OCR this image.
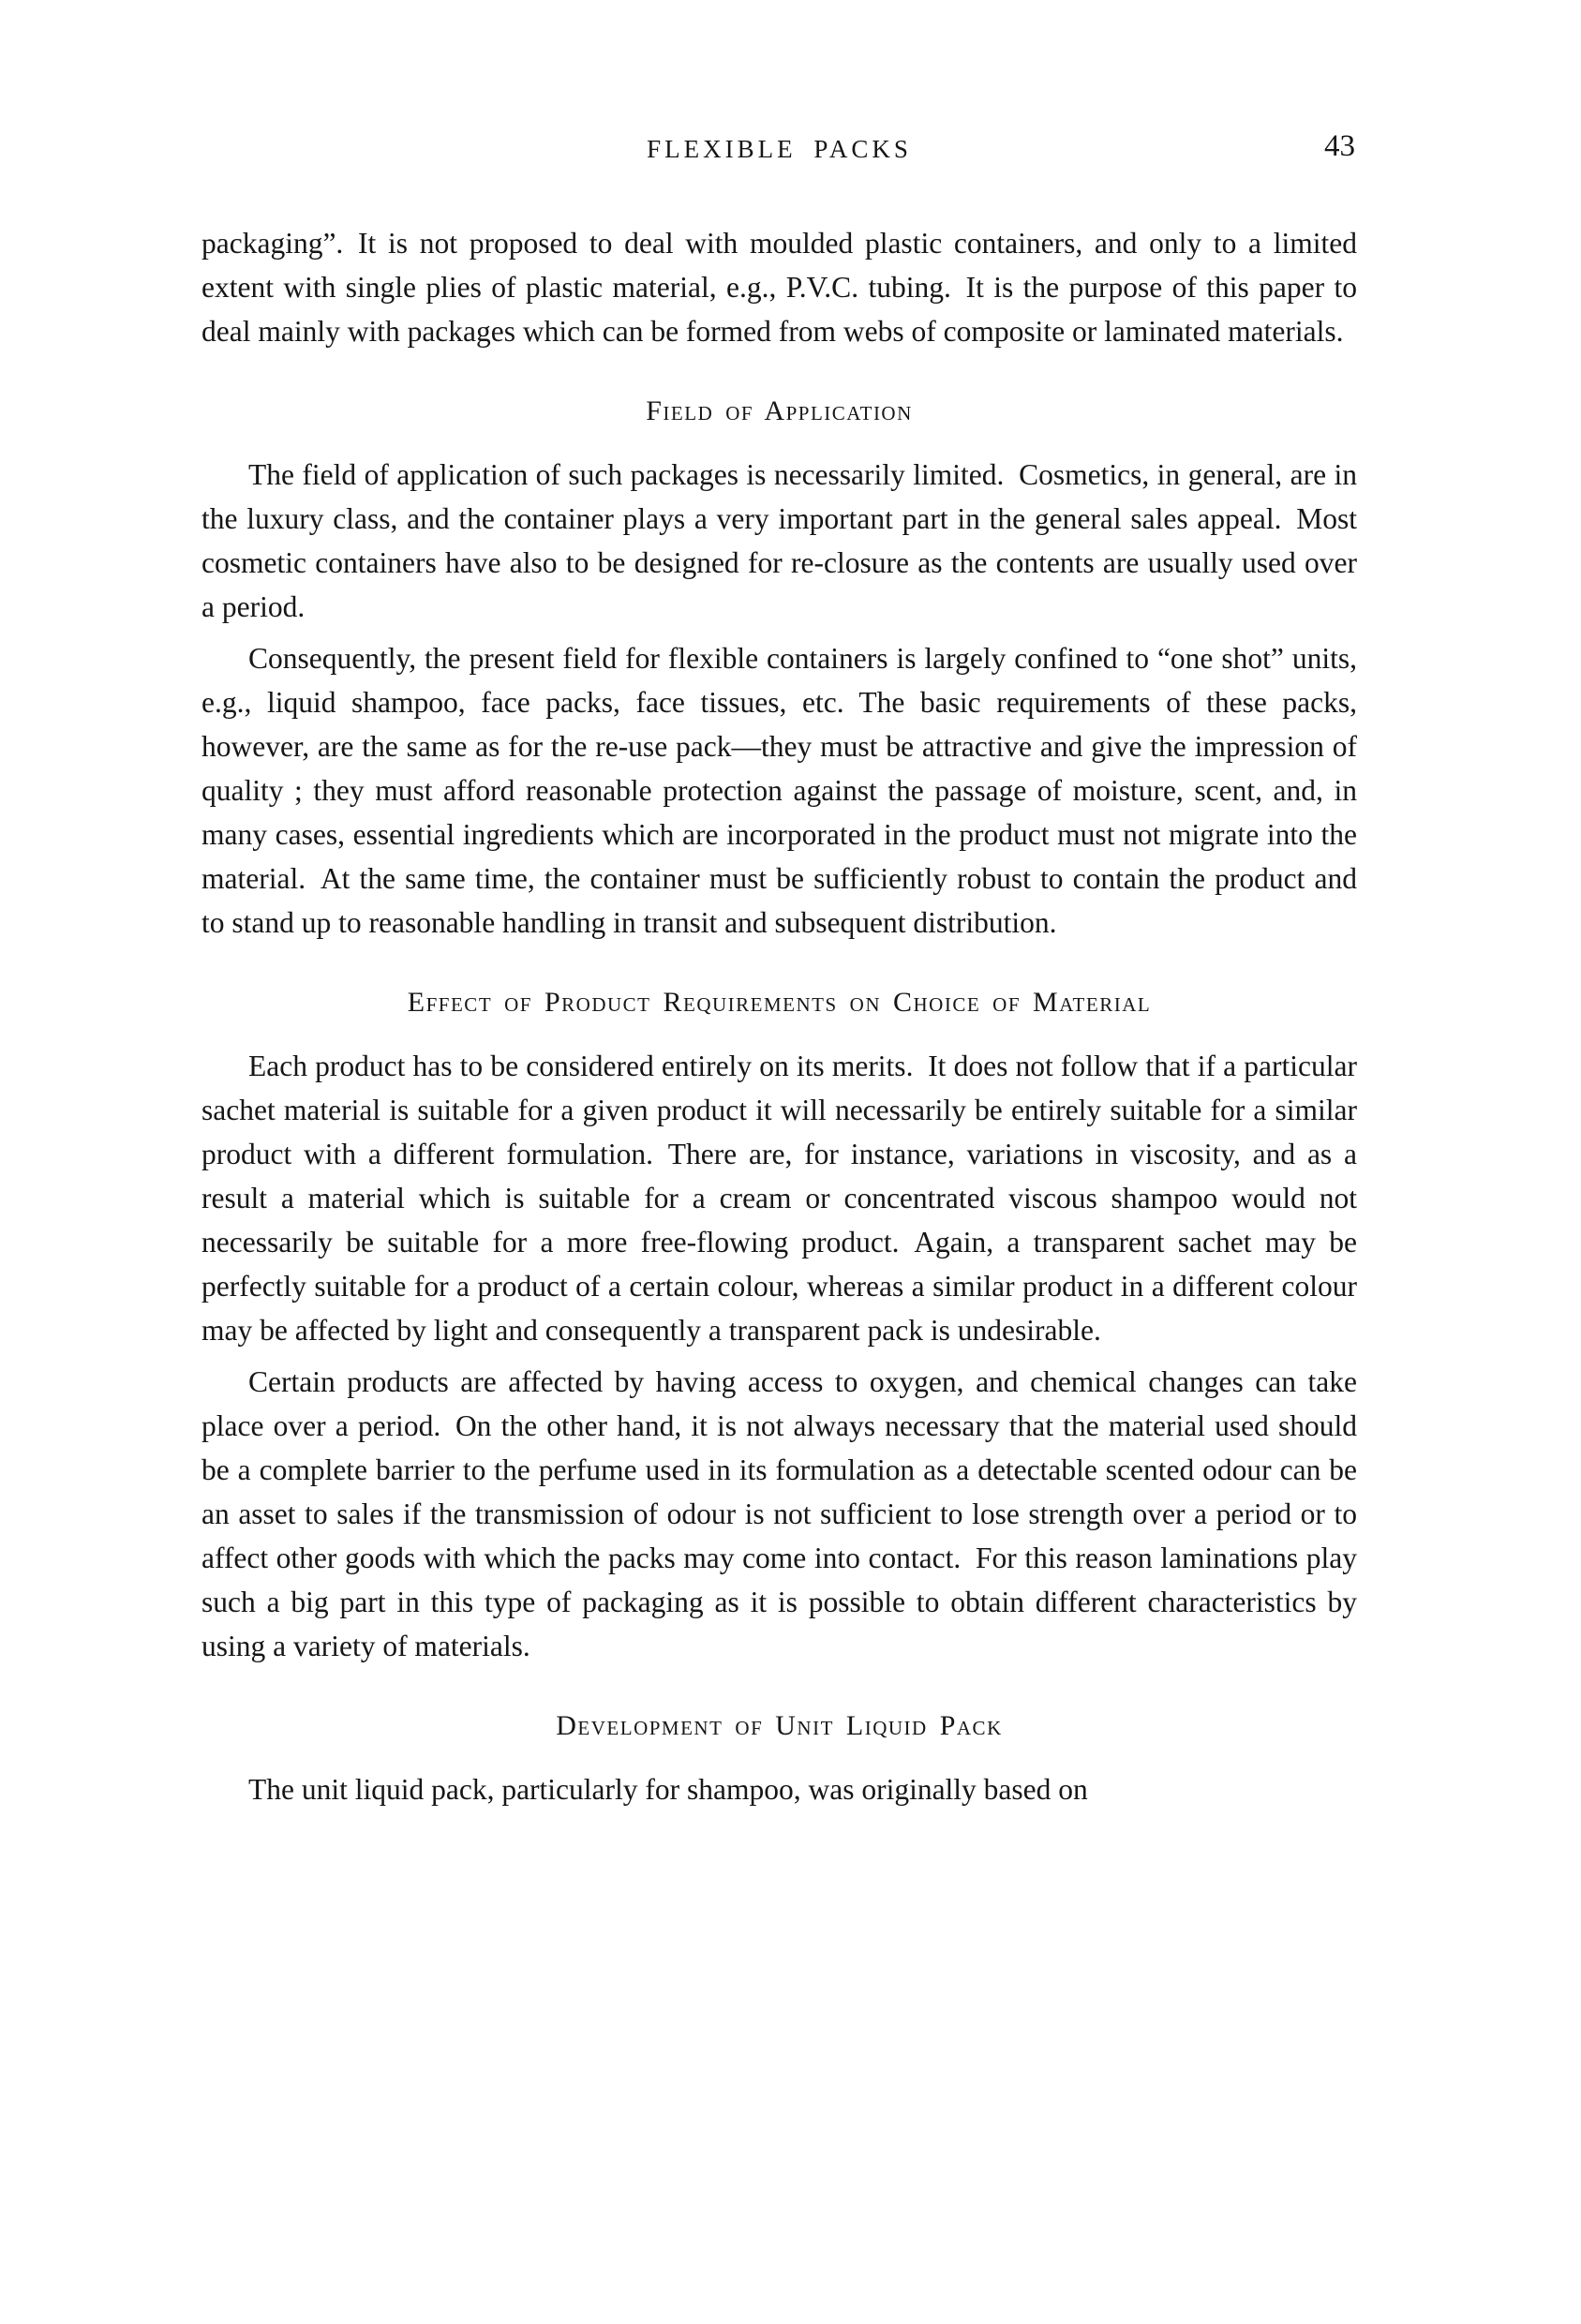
FLEXIBLE PACKS	43

packaging”. It is not proposed to deal with moulded plastic containers, and only to a limited extent with single plies of plastic material, e.g., P.V.C. tubing. It is the purpose of this paper to deal mainly with packages which can be formed from webs of composite or laminated materials.

Field of Application

The field of application of such packages is necessarily limited. Cosmetics, in general, are in the luxury class, and the container plays a very important part in the general sales appeal. Most cosmetic containers have also to be designed for re-closure as the contents are usually used over a period.

Consequently, the present field for flexible containers is largely confined to “one shot” units, e.g., liquid shampoo, face packs, face tissues, etc. The basic requirements of these packs, however, are the same as for the re-use pack—they must be attractive and give the impression of quality ; they must afford reasonable protection against the passage of moisture, scent, and, in many cases, essential ingredients which are incorporated in the product must not migrate into the material. At the same time, the container must be sufficiently robust to contain the product and to stand up to reasonable handling in transit and subsequent distribution.

Effect of Product Requirements on Choice of Material

Each product has to be considered entirely on its merits. It does not follow that if a particular sachet material is suitable for a given product it will necessarily be entirely suitable for a similar product with a different formulation. There are, for instance, variations in viscosity, and as a result a material which is suitable for a cream or concentrated viscous shampoo would not necessarily be suitable for a more free-flowing product. Again, a transparent sachet may be perfectly suitable for a product of a certain colour, whereas a similar product in a different colour may be affected by light and consequently a transparent pack is undesirable.

Certain products are affected by having access to oxygen, and chemical changes can take place over a period. On the other hand, it is not always necessary that the material used should be a complete barrier to the perfume used in its formulation as a detectable scented odour can be an asset to sales if the transmission of odour is not sufficient to lose strength over a period or to affect other goods with which the packs may come into contact. For this reason laminations play such a big part in this type of packaging as it is possible to obtain different characteristics by using a variety of materials.

Development of Unit Liquid Pack

The unit liquid pack, particularly for shampoo, was originally based on
